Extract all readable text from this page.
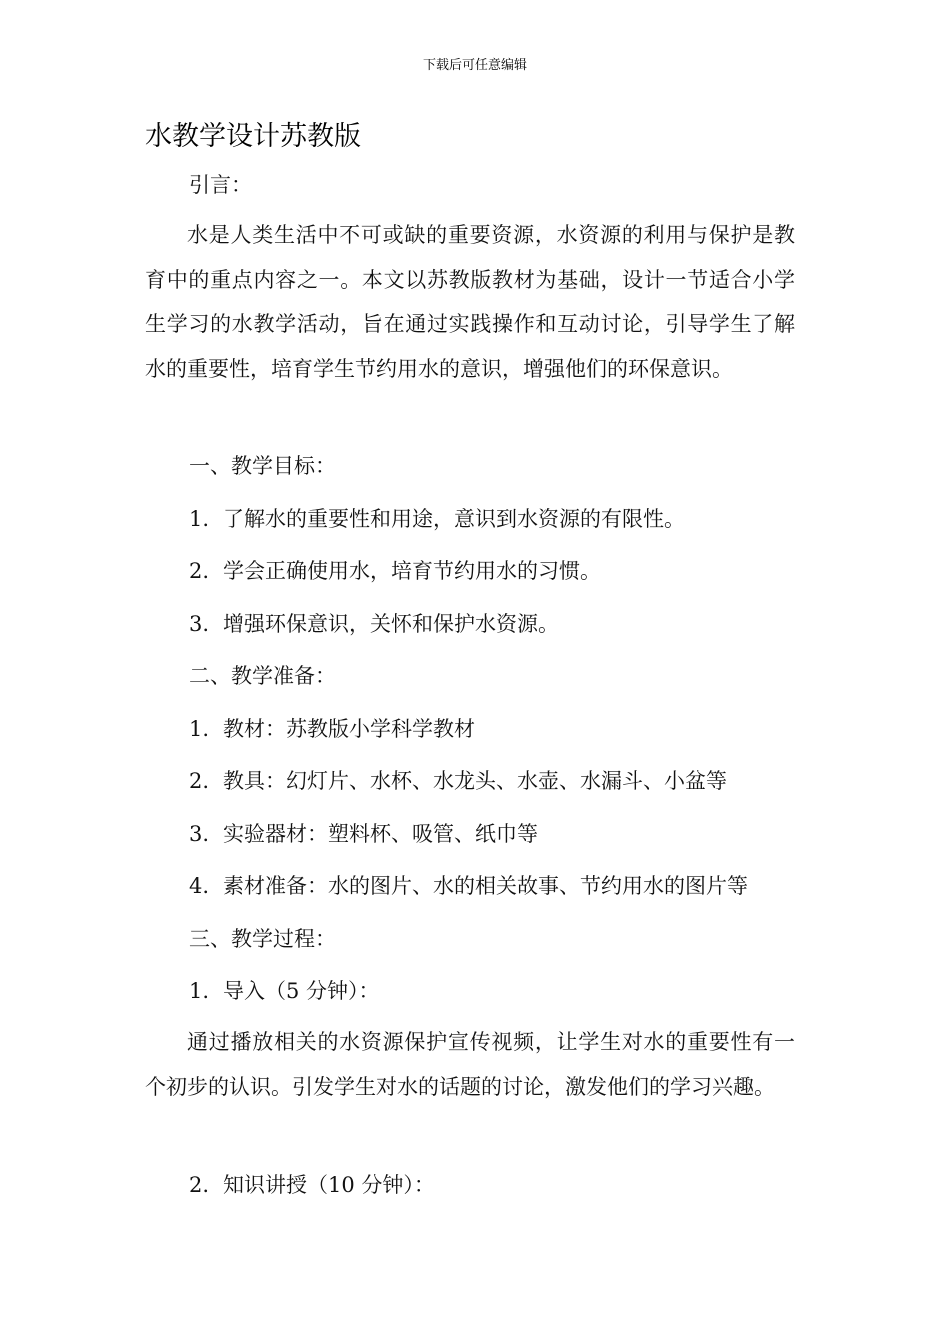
下载后可任意编辑
水教学设计苏教版
引言：

水是人类生活中不可或缺的重要资源，水资源的利用与保护是教育中的重点内容之一。本文以苏教版教材为基础，设计一节适合小学生学习的水教学活动，旨在通过实践操作和互动讨论，引导学生了解水的重要性，培育学生节约用水的意识，增强他们的环保意识。

一、教学目标：
1. 了解水的重要性和用途，意识到水资源的有限性。
2. 学会正确使用水，培育节约用水的习惯。
3. 增强环保意识，关怀和保护水资源。
二、教学准备：
1. 教材：苏教版小学科学教材
2. 教具：幻灯片、水杯、水龙头、水壶、水漏斗、小盆等
3. 实验器材：塑料杯、吸管、纸巾等
4. 素材准备：水的图片、水的相关故事、节约用水的图片等
三、教学过程：
1. 导入（5 分钟）：

通过播放相关的水资源保护宣传视频，让学生对水的重要性有一个初步的认识。引发学生对水的话题的讨论，激发他们的学习兴趣。

2. 知识讲授（10 分钟）：
